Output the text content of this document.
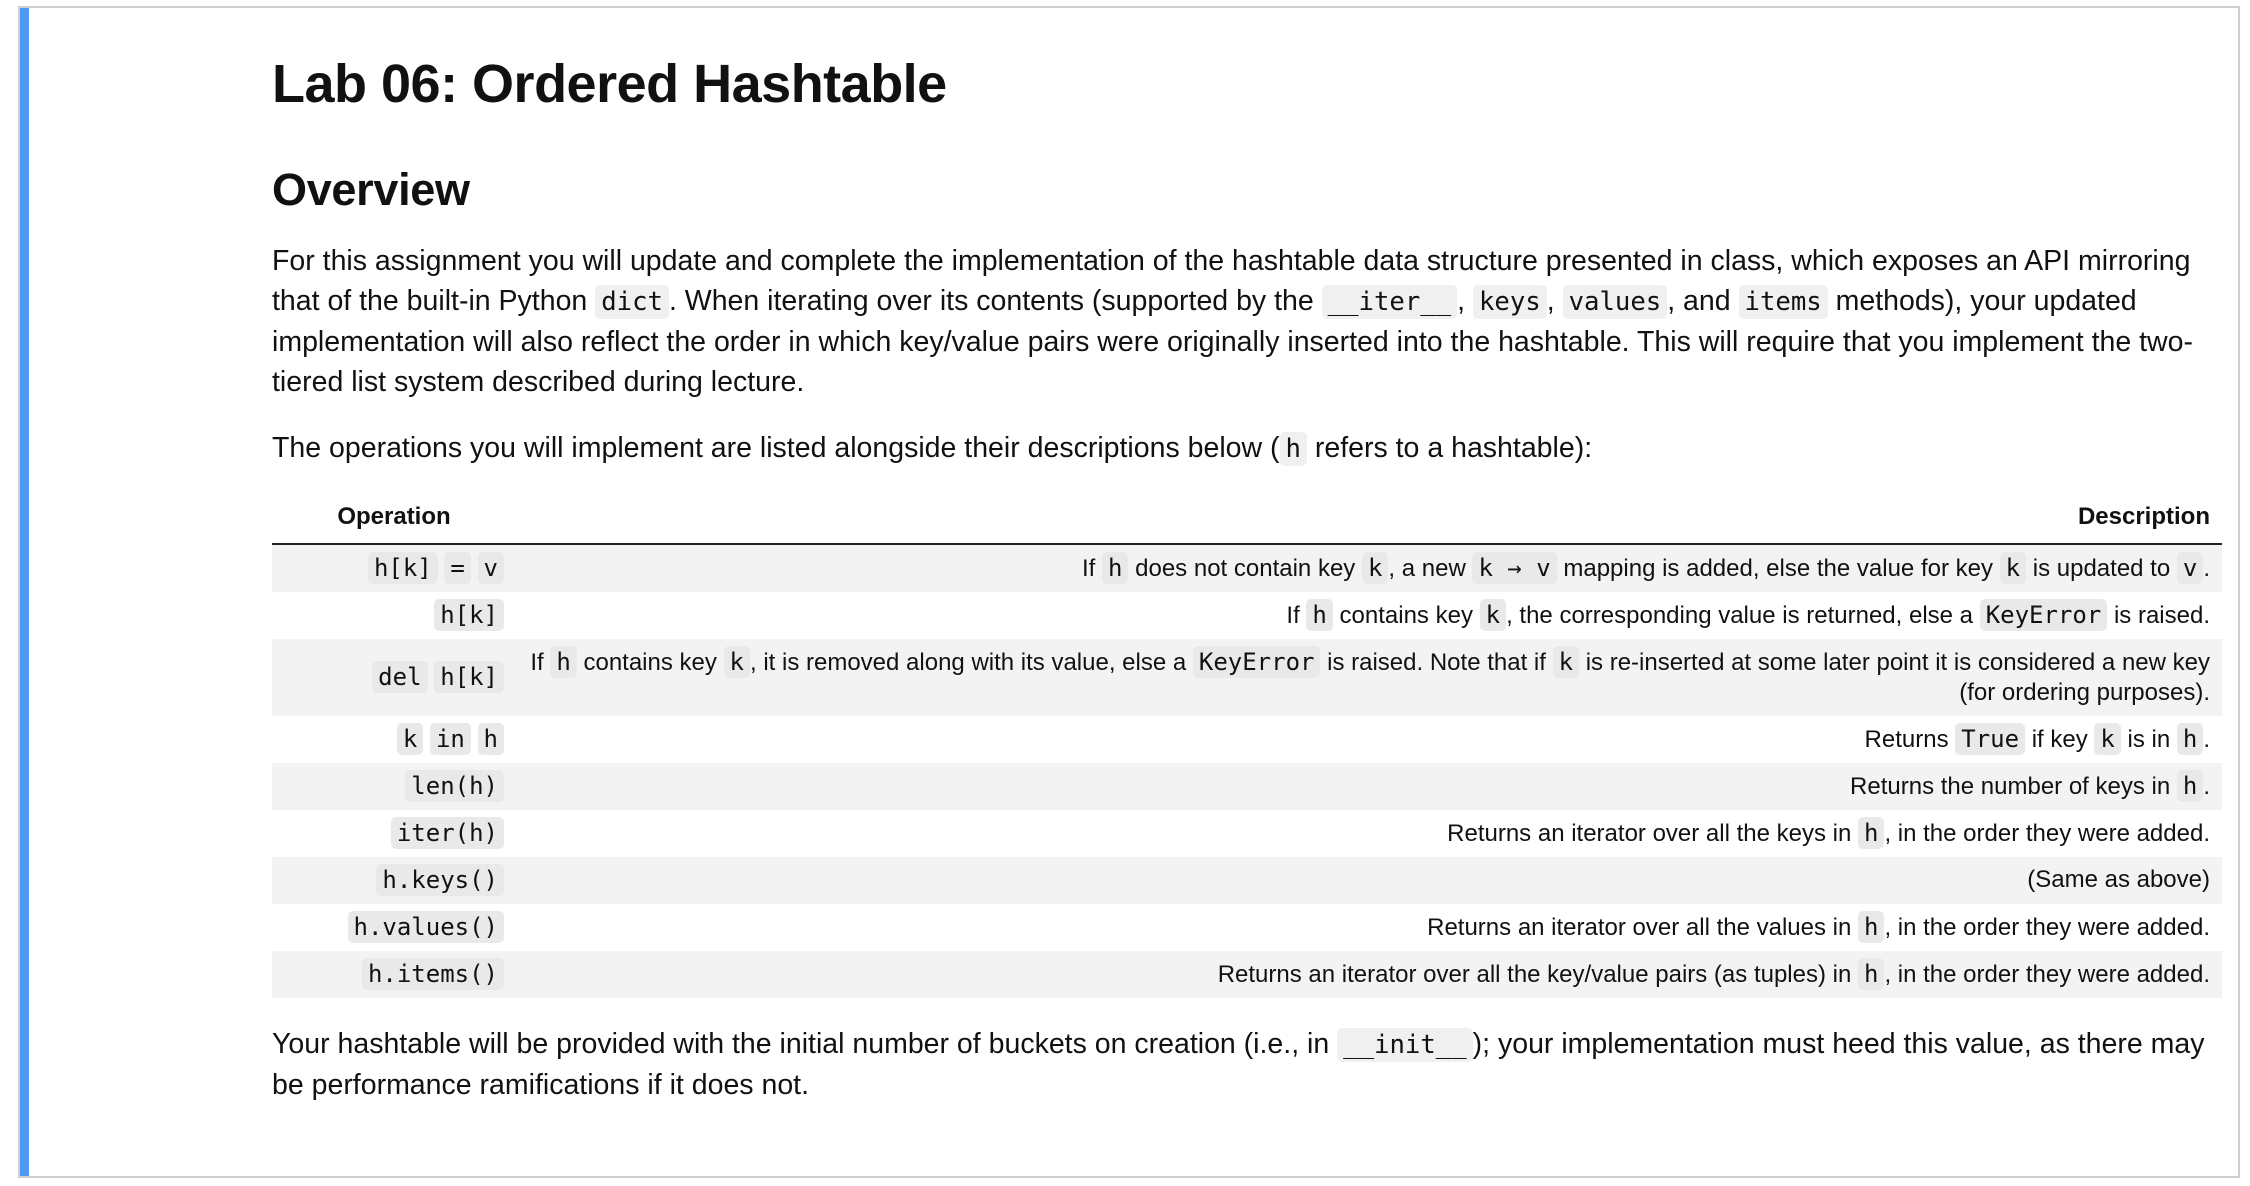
Lab 06: Ordered Hashtable
Overview

For this assignment you will update and complete the implementation of the hashtable data structure presented in class, which exposes an API mirroring that of the built-in Python dict . When iterating over its contents (supported by the __iter__ , keys , values , and items methods), your updated implementation will also reflect the order in which key/value pairs were originally inserted into the hashtable. This will require that you implement the two-tiered list system described during lecture.

The operations you will implement are listed alongside their descriptions below ( h refers to a hashtable):

Operation	Description
h[k] = v	If h does not contain key k , a new k → v mapping is added, else the value for key k is updated to v .
h[k]	If h contains key k , the corresponding value is returned, else a KeyError is raised.
del h[k]	If h contains key k , it is removed along with its value, else a KeyError is raised. Note that if k is re-inserted at some later point it is considered a new key (for ordering purposes).
k in h	Returns True if key k is in h .
len(h)	Returns the number of keys in h .
iter(h)	Returns an iterator over all the keys in h , in the order they were added.
h.keys()	(Same as above)
h.values()	Returns an iterator over all the values in h , in the order they were added.
h.items()	Returns an iterator over all the key/value pairs (as tuples) in h , in the order they were added.

Your hashtable will be provided with the initial number of buckets on creation (i.e., in __init__ ); your implementation must heed this value, as there may be performance ramifications if it does not.
